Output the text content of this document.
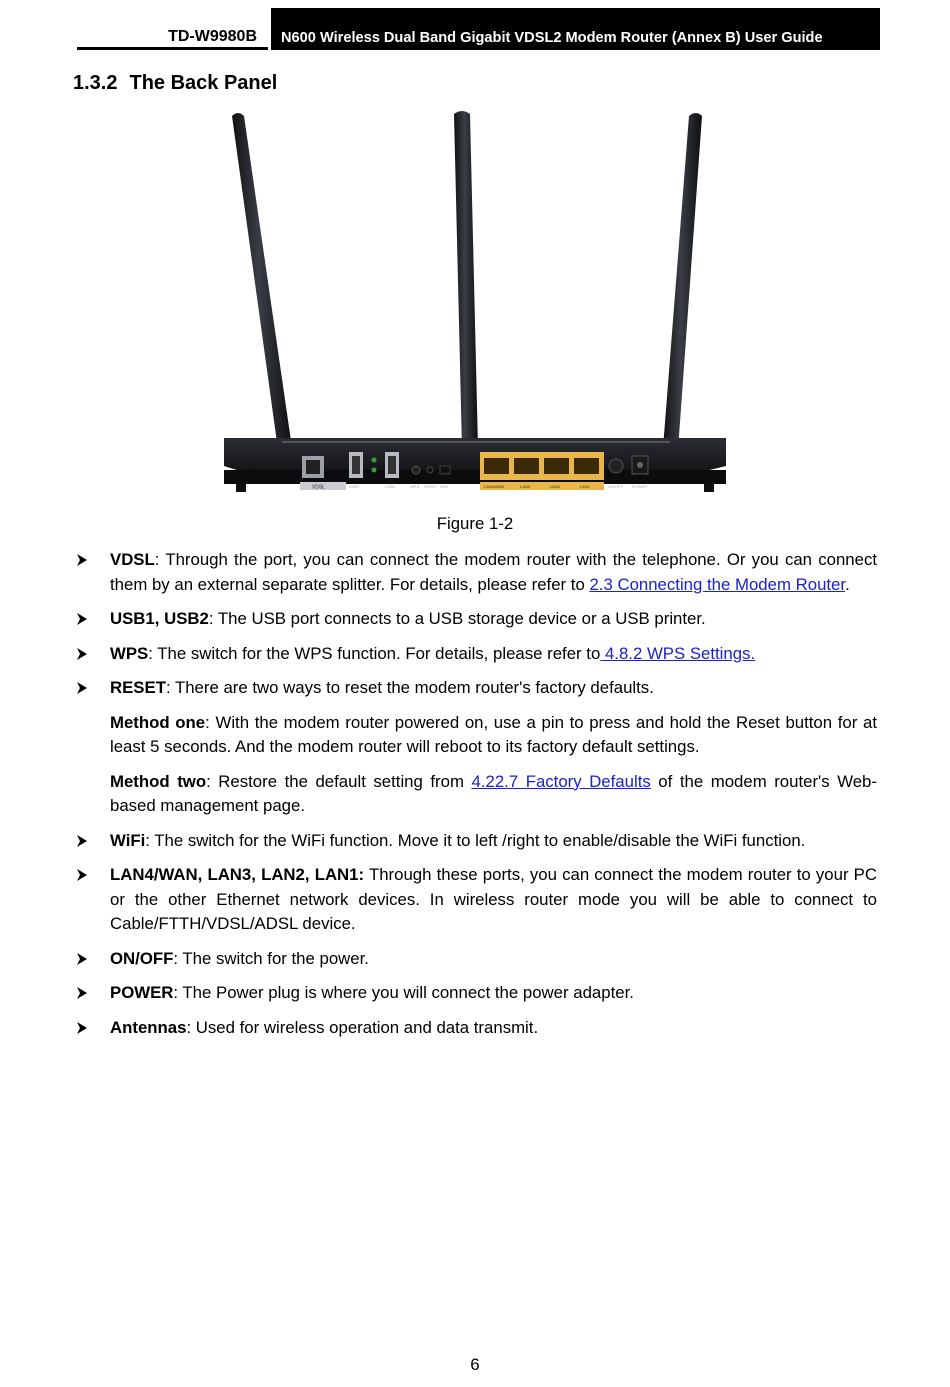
TD-W9980B N600 Wireless Dual Band Gigabit VDSL2 Modem Router (Annex B) User Guide
1.3.2 The Back Panel
VDSL	USB1	USB2	WPS RESET WiFi	LAN4/WAN	LAN3	LAN2	LAN1	ON/OFF POWER
Figure 1-2
VDSL: Through the port, you can connect the modem router with the telephone. Or you can connect them by an external separate splitter. For details, please refer to 2.3 Connecting the Modem Router.
USB1, USB2: The USB port connects to a USB storage device or a USB printer.
WPS: The switch for the WPS function. For details, please refer to 4.8.2 WPS Settings.
RESET: There are two ways to reset the modem router's factory defaults.
Method one: With the modem router powered on, use a pin to press and hold the Reset button for at least 5 seconds. And the modem router will reboot to its factory default settings.
Method two: Restore the default setting from 4.22.7 Factory Defaults of the modem router's Web-based management page.
WiFi: The switch for the WiFi function. Move it to left /right to enable/disable the WiFi function.
LAN4/WAN, LAN3, LAN2, LAN1: Through these ports, you can connect the modem router to your PC or the other Ethernet network devices. In wireless router mode you will be able to connect to Cable/FTTH/VDSL/ADSL device.
ON/OFF: The switch for the power.
POWER: The Power plug is where you will connect the power adapter.
Antennas: Used for wireless operation and data transmit.
6
